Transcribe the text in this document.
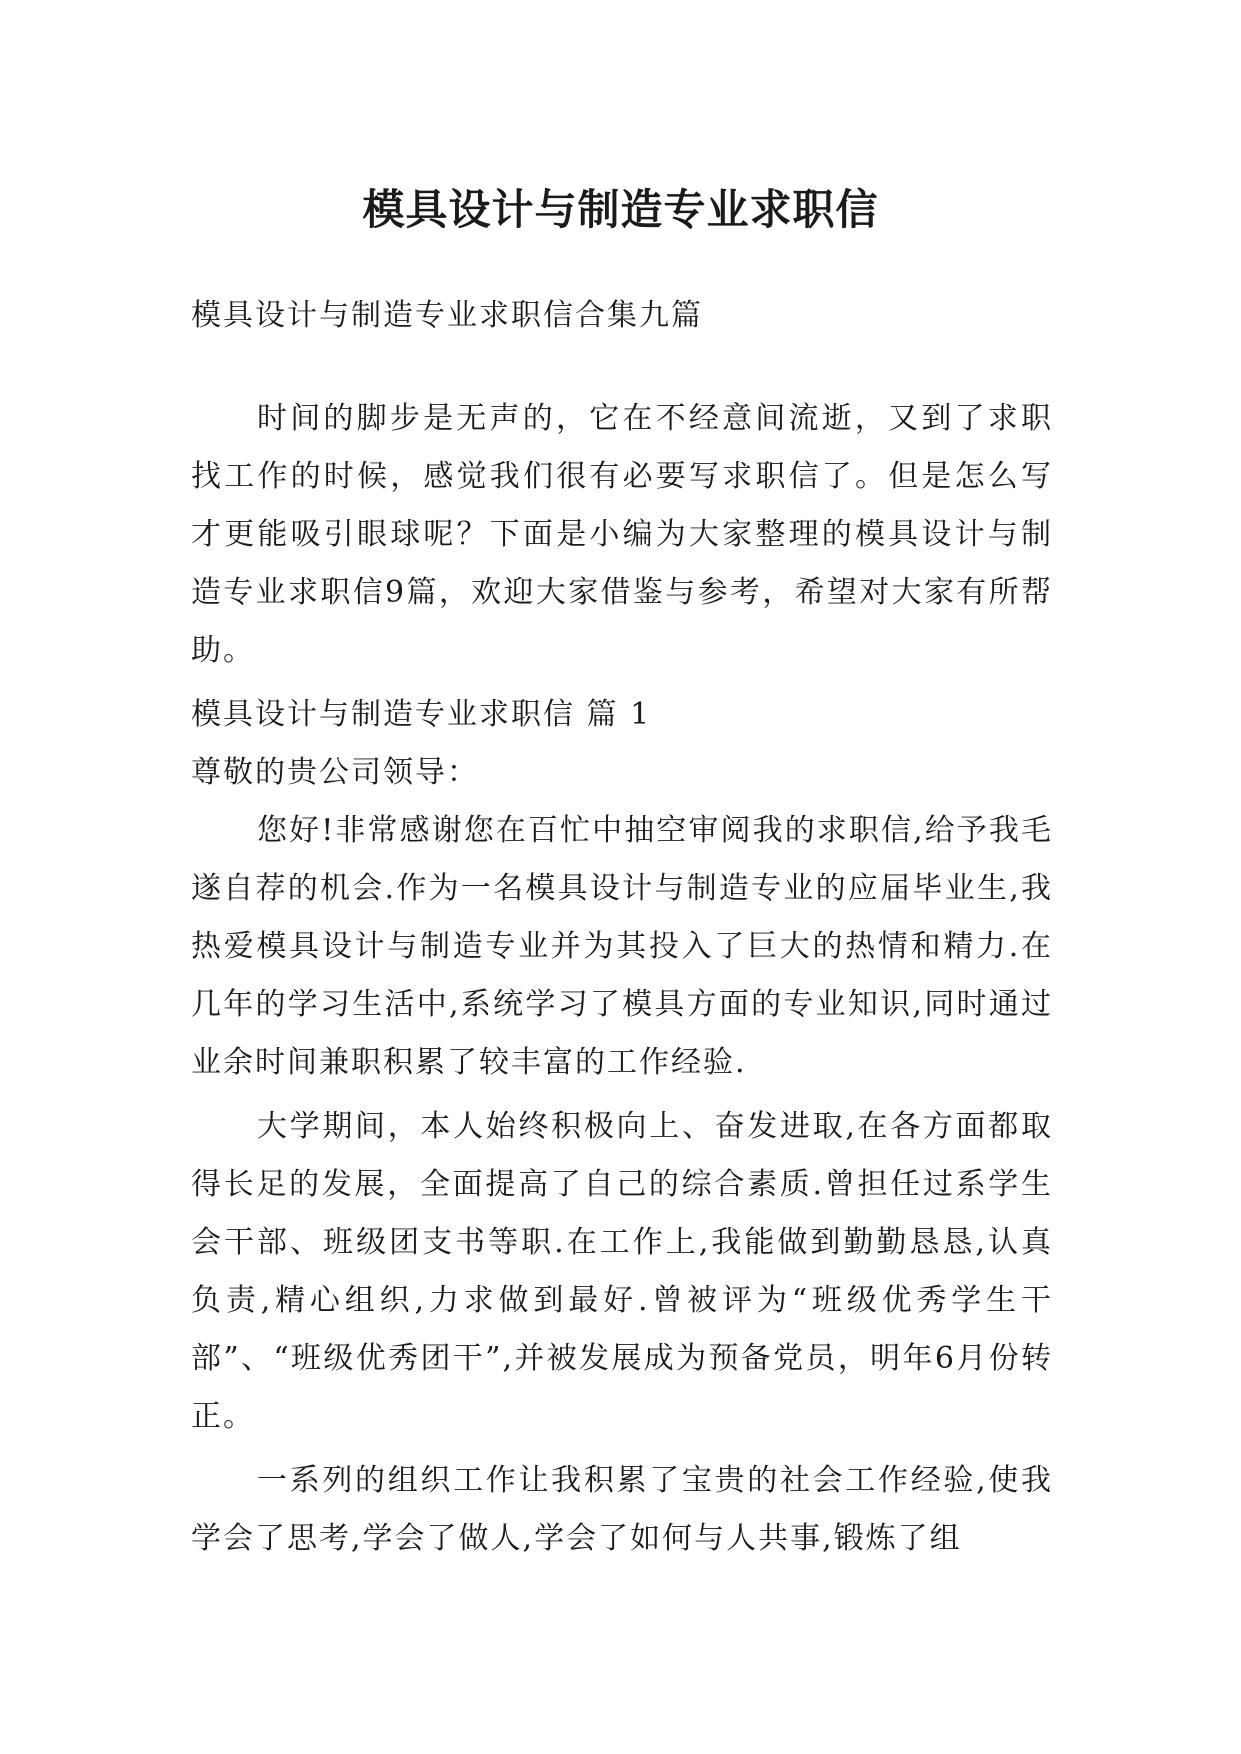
模具设计与制造专业求职信

模具设计与制造专业求职信合集九篇

时间的脚步是无声的，它在不经意间流逝，又到了求职找工作的时候，感觉我们很有必要写求职信了。但是怎么写才更能吸引眼球呢？下面是小编为大家整理的模具设计与制造专业求职信9篇，欢迎大家借鉴与参考，希望对大家有所帮助。

模具设计与制造专业求职信 篇 1

尊敬的贵公司领导：

您好!非常感谢您在百忙中抽空审阅我的求职信,给予我毛遂自荐的机会.作为一名模具设计与制造专业的应届毕业生,我热爱模具设计与制造专业并为其投入了巨大的热情和精力.在几年的学习生活中,系统学习了模具方面的专业知识,同时通过业余时间兼职积累了较丰富的工作经验.

大学期间，本人始终积极向上、奋发进取,在各方面都取得长足的发展，全面提高了自己的综合素质.曾担任过系学生会干部、班级团支书等职.在工作上,我能做到勤勤恳恳,认真负责,精心组织,力求做到最好.曾被评为“班级优秀学生干部”、“班级优秀团干”,并被发展成为预备党员，明年6月份转正。

一系列的组织工作让我积累了宝贵的社会工作经验,使我学会了思考,学会了做人,学会了如何与人共事,锻炼了组
